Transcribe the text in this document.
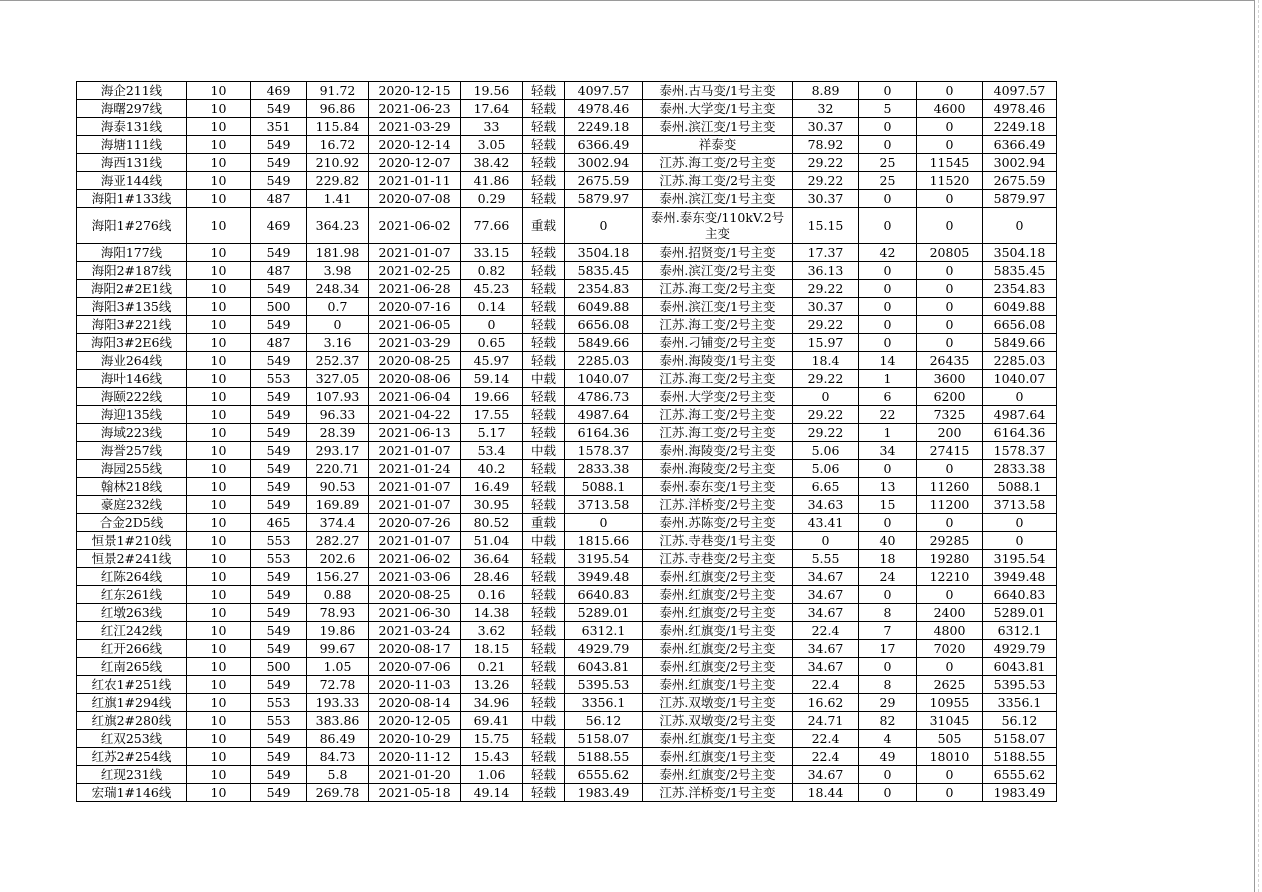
海企211线	10	469	91.72	2020-12-15	19.56	轻载	4097.57	泰州.古马变/1号主变	8.89	0	0	4097.57
海曙297线	10	549	96.86	2021-06-23	17.64	轻载	4978.46	泰州.大学变/1号主变	32	5	4600	4978.46
海泰131线	10	351	115.84	2021-03-29	33	轻载	2249.18	泰州.滨江变/1号主变	30.37	0	0	2249.18
海塘111线	10	549	16.72	2020-12-14	3.05	轻载	6366.49	祥泰变	78.92	0	0	6366.49
海西131线	10	549	210.92	2020-12-07	38.42	轻载	3002.94	江苏.海工变/2号主变	29.22	25	11545	3002.94
海亚144线	10	549	229.82	2021-01-11	41.86	轻载	2675.59	江苏.海工变/2号主变	29.22	25	11520	2675.59
海阳1#133线	10	487	1.41	2020-07-08	0.29	轻载	5879.97	泰州.滨江变/1号主变	30.37	0	0	5879.97
海阳1#276线	10	469	364.23	2021-06-02	77.66	重载	0	泰州.泰东变/110kV.2号主变	15.15	0	0	0
海阳177线	10	549	181.98	2021-01-07	33.15	轻载	3504.18	泰州.招贤变/1号主变	17.37	42	20805	3504.18
海阳2#187线	10	487	3.98	2021-02-25	0.82	轻载	5835.45	泰州.滨江变/2号主变	36.13	0	0	5835.45
海阳2#2E1线	10	549	248.34	2021-06-28	45.23	轻载	2354.83	江苏.海工变/2号主变	29.22	0	0	2354.83
海阳3#135线	10	500	0.7	2020-07-16	0.14	轻载	6049.88	泰州.滨江变/1号主变	30.37	0	0	6049.88
海阳3#221线	10	549	0	2021-06-05	0	轻载	6656.08	江苏.海工变/2号主变	29.22	0	0	6656.08
海阳3#2E6线	10	487	3.16	2021-03-29	0.65	轻载	5849.66	泰州.刁铺变/2号主变	15.97	0	0	5849.66
海业264线	10	549	252.37	2020-08-25	45.97	轻载	2285.03	泰州.海陵变/1号主变	18.4	14	26435	2285.03
海叶146线	10	553	327.05	2020-08-06	59.14	中载	1040.07	江苏.海工变/2号主变	29.22	1	3600	1040.07
海颐222线	10	549	107.93	2021-06-04	19.66	轻载	4786.73	泰州.大学变/2号主变	0	6	6200	0
海迎135线	10	549	96.33	2021-04-22	17.55	轻载	4987.64	江苏.海工变/2号主变	29.22	22	7325	4987.64
海域223线	10	549	28.39	2021-06-13	5.17	轻载	6164.36	江苏.海工变/2号主变	29.22	1	200	6164.36
海誉257线	10	549	293.17	2021-01-07	53.4	中载	1578.37	泰州.海陵变/2号主变	5.06	34	27415	1578.37
海园255线	10	549	220.71	2021-01-24	40.2	轻载	2833.38	泰州.海陵变/2号主变	5.06	0	0	2833.38
翰林218线	10	549	90.53	2021-01-07	16.49	轻载	5088.1	泰州.泰东变/1号主变	6.65	13	11260	5088.1
豪庭232线	10	549	169.89	2021-01-07	30.95	轻载	3713.58	江苏.洋桥变/2号主变	34.63	15	11200	3713.58
合金2D5线	10	465	374.4	2020-07-26	80.52	重载	0	泰州.苏陈变/2号主变	43.41	0	0	0
恒景1#210线	10	553	282.27	2021-01-07	51.04	中载	1815.66	江苏.寺巷变/1号主变	0	40	29285	0
恒景2#241线	10	553	202.6	2021-06-02	36.64	轻载	3195.54	江苏.寺巷变/2号主变	5.55	18	19280	3195.54
红陈264线	10	549	156.27	2021-03-06	28.46	轻载	3949.48	泰州.红旗变/2号主变	34.67	24	12210	3949.48
红东261线	10	549	0.88	2020-08-25	0.16	轻载	6640.83	泰州.红旗变/2号主变	34.67	0	0	6640.83
红墩263线	10	549	78.93	2021-06-30	14.38	轻载	5289.01	泰州.红旗变/2号主变	34.67	8	2400	5289.01
红江242线	10	549	19.86	2021-03-24	3.62	轻载	6312.1	泰州.红旗变/1号主变	22.4	7	4800	6312.1
红开266线	10	549	99.67	2020-08-17	18.15	轻载	4929.79	泰州.红旗变/2号主变	34.67	17	7020	4929.79
红南265线	10	500	1.05	2020-07-06	0.21	轻载	6043.81	泰州.红旗变/2号主变	34.67	0	0	6043.81
红农1#251线	10	549	72.78	2020-11-03	13.26	轻载	5395.53	泰州.红旗变/1号主变	22.4	8	2625	5395.53
红旗1#294线	10	553	193.33	2020-08-14	34.96	轻载	3356.1	江苏.双墩变/1号主变	16.62	29	10955	3356.1
红旗2#280线	10	553	383.86	2020-12-05	69.41	中载	56.12	江苏.双墩变/2号主变	24.71	82	31045	56.12
红双253线	10	549	86.49	2020-10-29	15.75	轻载	5158.07	泰州.红旗变/1号主变	22.4	4	505	5158.07
红苏2#254线	10	549	84.73	2020-11-12	15.43	轻载	5188.55	泰州.红旗变/1号主变	22.4	49	18010	5188.55
红现231线	10	549	5.8	2021-01-20	1.06	轻载	6555.62	泰州.红旗变/2号主变	34.67	0	0	6555.62
宏瑞1#146线	10	549	269.78	2021-05-18	49.14	轻载	1983.49	江苏.洋桥变/1号主变	18.44	0	0	1983.49
